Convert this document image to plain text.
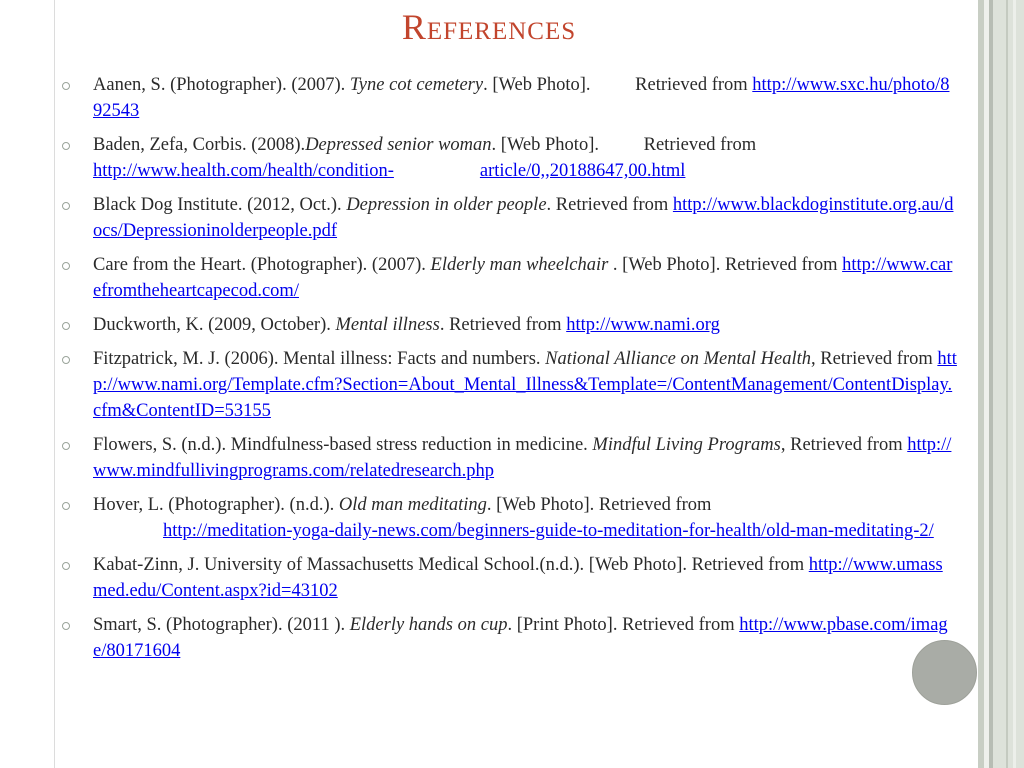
References
Aanen, S. (Photographer). (2007). Tyne cot cemetery. [Web Photo]. Retrieved from http://www.sxc.hu/photo/892543
Baden, Zefa, Corbis. (2008).Depressed senior woman. [Web Photo]. Retrieved from
http://www.health.com/health/condition-	article/0,,20188647,00.html
Black Dog Institute. (2012, Oct.). Depression in older people. Retrieved from http://www.blackdoginstitute.org.au/docs/Depressioninolderpeople.pdf
Care from the Heart. (Photographer). (2007). Elderly man wheelchair . [Web Photo]. Retrieved from http://www.carefromtheheartcapecod.com/
Duckworth, K. (2009, October). Mental illness. Retrieved from http://www.nami.org
Fitzpatrick, M. J. (2006). Mental illness: Facts and numbers. National Alliance on Mental Health, Retrieved from http://www.nami.org/Template.cfm?Section=About_Mental_Illness&Template=/ContentManagement/ContentDisplay.cfm&ContentID=53155
Flowers, S. (n.d.). Mindfulness-based stress reduction in medicine. Mindful Living Programs, Retrieved from http://www.mindfullivingprograms.com/relatedresearch.php
Hover, L. (Photographer). (n.d.). Old man meditating. [Web Photo]. Retrieved from
http://meditation-yoga-daily-news.com/beginners-guide-to-meditation-for-health/old-man-meditating-2/
Kabat-Zinn, J. University of Massachusetts Medical School.(n.d.). [Web Photo]. Retrieved from http://www.umassmed.edu/Content.aspx?id=43102
Smart, S. (Photographer). (2011 ). Elderly hands on cup. [Print Photo]. Retrieved from http://www.pbase.com/image/80171604
